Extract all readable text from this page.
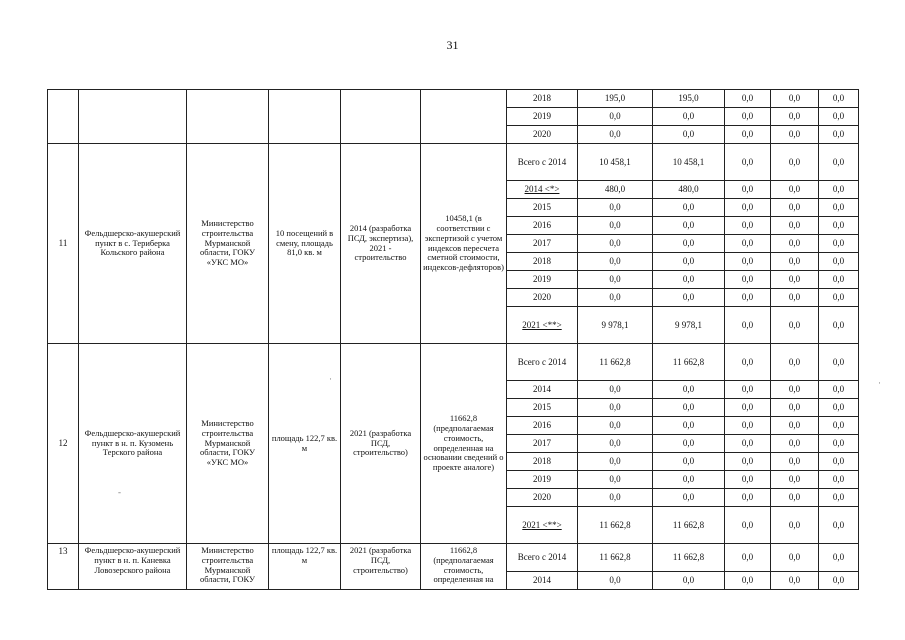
31
						2018	195,0	195,0	0,0	0,0	0,0
						2019	0,0	0,0	0,0	0,0	0,0
						2020	0,0	0,0	0,0	0,0	0,0
11	Фельдшерско-акушерский пункт в с. Териберка Кольского района	Министерство строительства Мурманской области, ГОКУ «УКС МО»	10 посещений в смену, площадь 81,0 кв. м	2014 (разработка ПСД, экспертиза), 2021 - строительство	10458,1 (в соответствии с экспертизой с учетом индексов пересчета сметной стоимости, индексов-дефляторов)	Всего с 2014	10 458,1	10 458,1	0,0	0,0	0,0
						2014 <*>	480,0	480,0	0,0	0,0	0,0
						2015	0,0	0,0	0,0	0,0	0,0
						2016	0,0	0,0	0,0	0,0	0,0
						2017	0,0	0,0	0,0	0,0	0,0
						2018	0,0	0,0	0,0	0,0	0,0
						2019	0,0	0,0	0,0	0,0	0,0
						2020	0,0	0,0	0,0	0,0	0,0
						2021 <**>	9 978,1	9 978,1	0,0	0,0	0,0
12	Фельдшерско-акушерский пункт в н. п. Кузомень Терского района	Министерство строительства Мурманской области, ГОКУ «УКС МО»	площадь 122,7 кв. м	2021 (разработка ПСД, строительство)	11662,8 (предполагаемая стоимость, определенная на основании сведений о проекте аналоге)	Всего с 2014	11 662,8	11 662,8	0,0	0,0	0,0
						2014	0,0	0,0	0,0	0,0	0,0
						2015	0,0	0,0	0,0	0,0	0,0
						2016	0,0	0,0	0,0	0,0	0,0
						2017	0,0	0,0	0,0	0,0	0,0
						2018	0,0	0,0	0,0	0,0	0,0
						2019	0,0	0,0	0,0	0,0	0,0
						2020	0,0	0,0	0,0	0,0	0,0
						2021 <**>	11 662,8	11 662,8	0,0	0,0	0,0
13	Фельдшерско-акушерский пункт в н. п. Каневка Ловозерского района	Министерство строительства Мурманской области, ГОКУ	площадь 122,7 кв. м	2021 (разработка ПСД, строительство)	11662,8 (предполагаемая стоимость, определенная на	Всего с 2014	11 662,8	11 662,8	0,0	0,0	0,0
						2014	0,0	0,0	0,0	0,0	0,0
·
‑
·
